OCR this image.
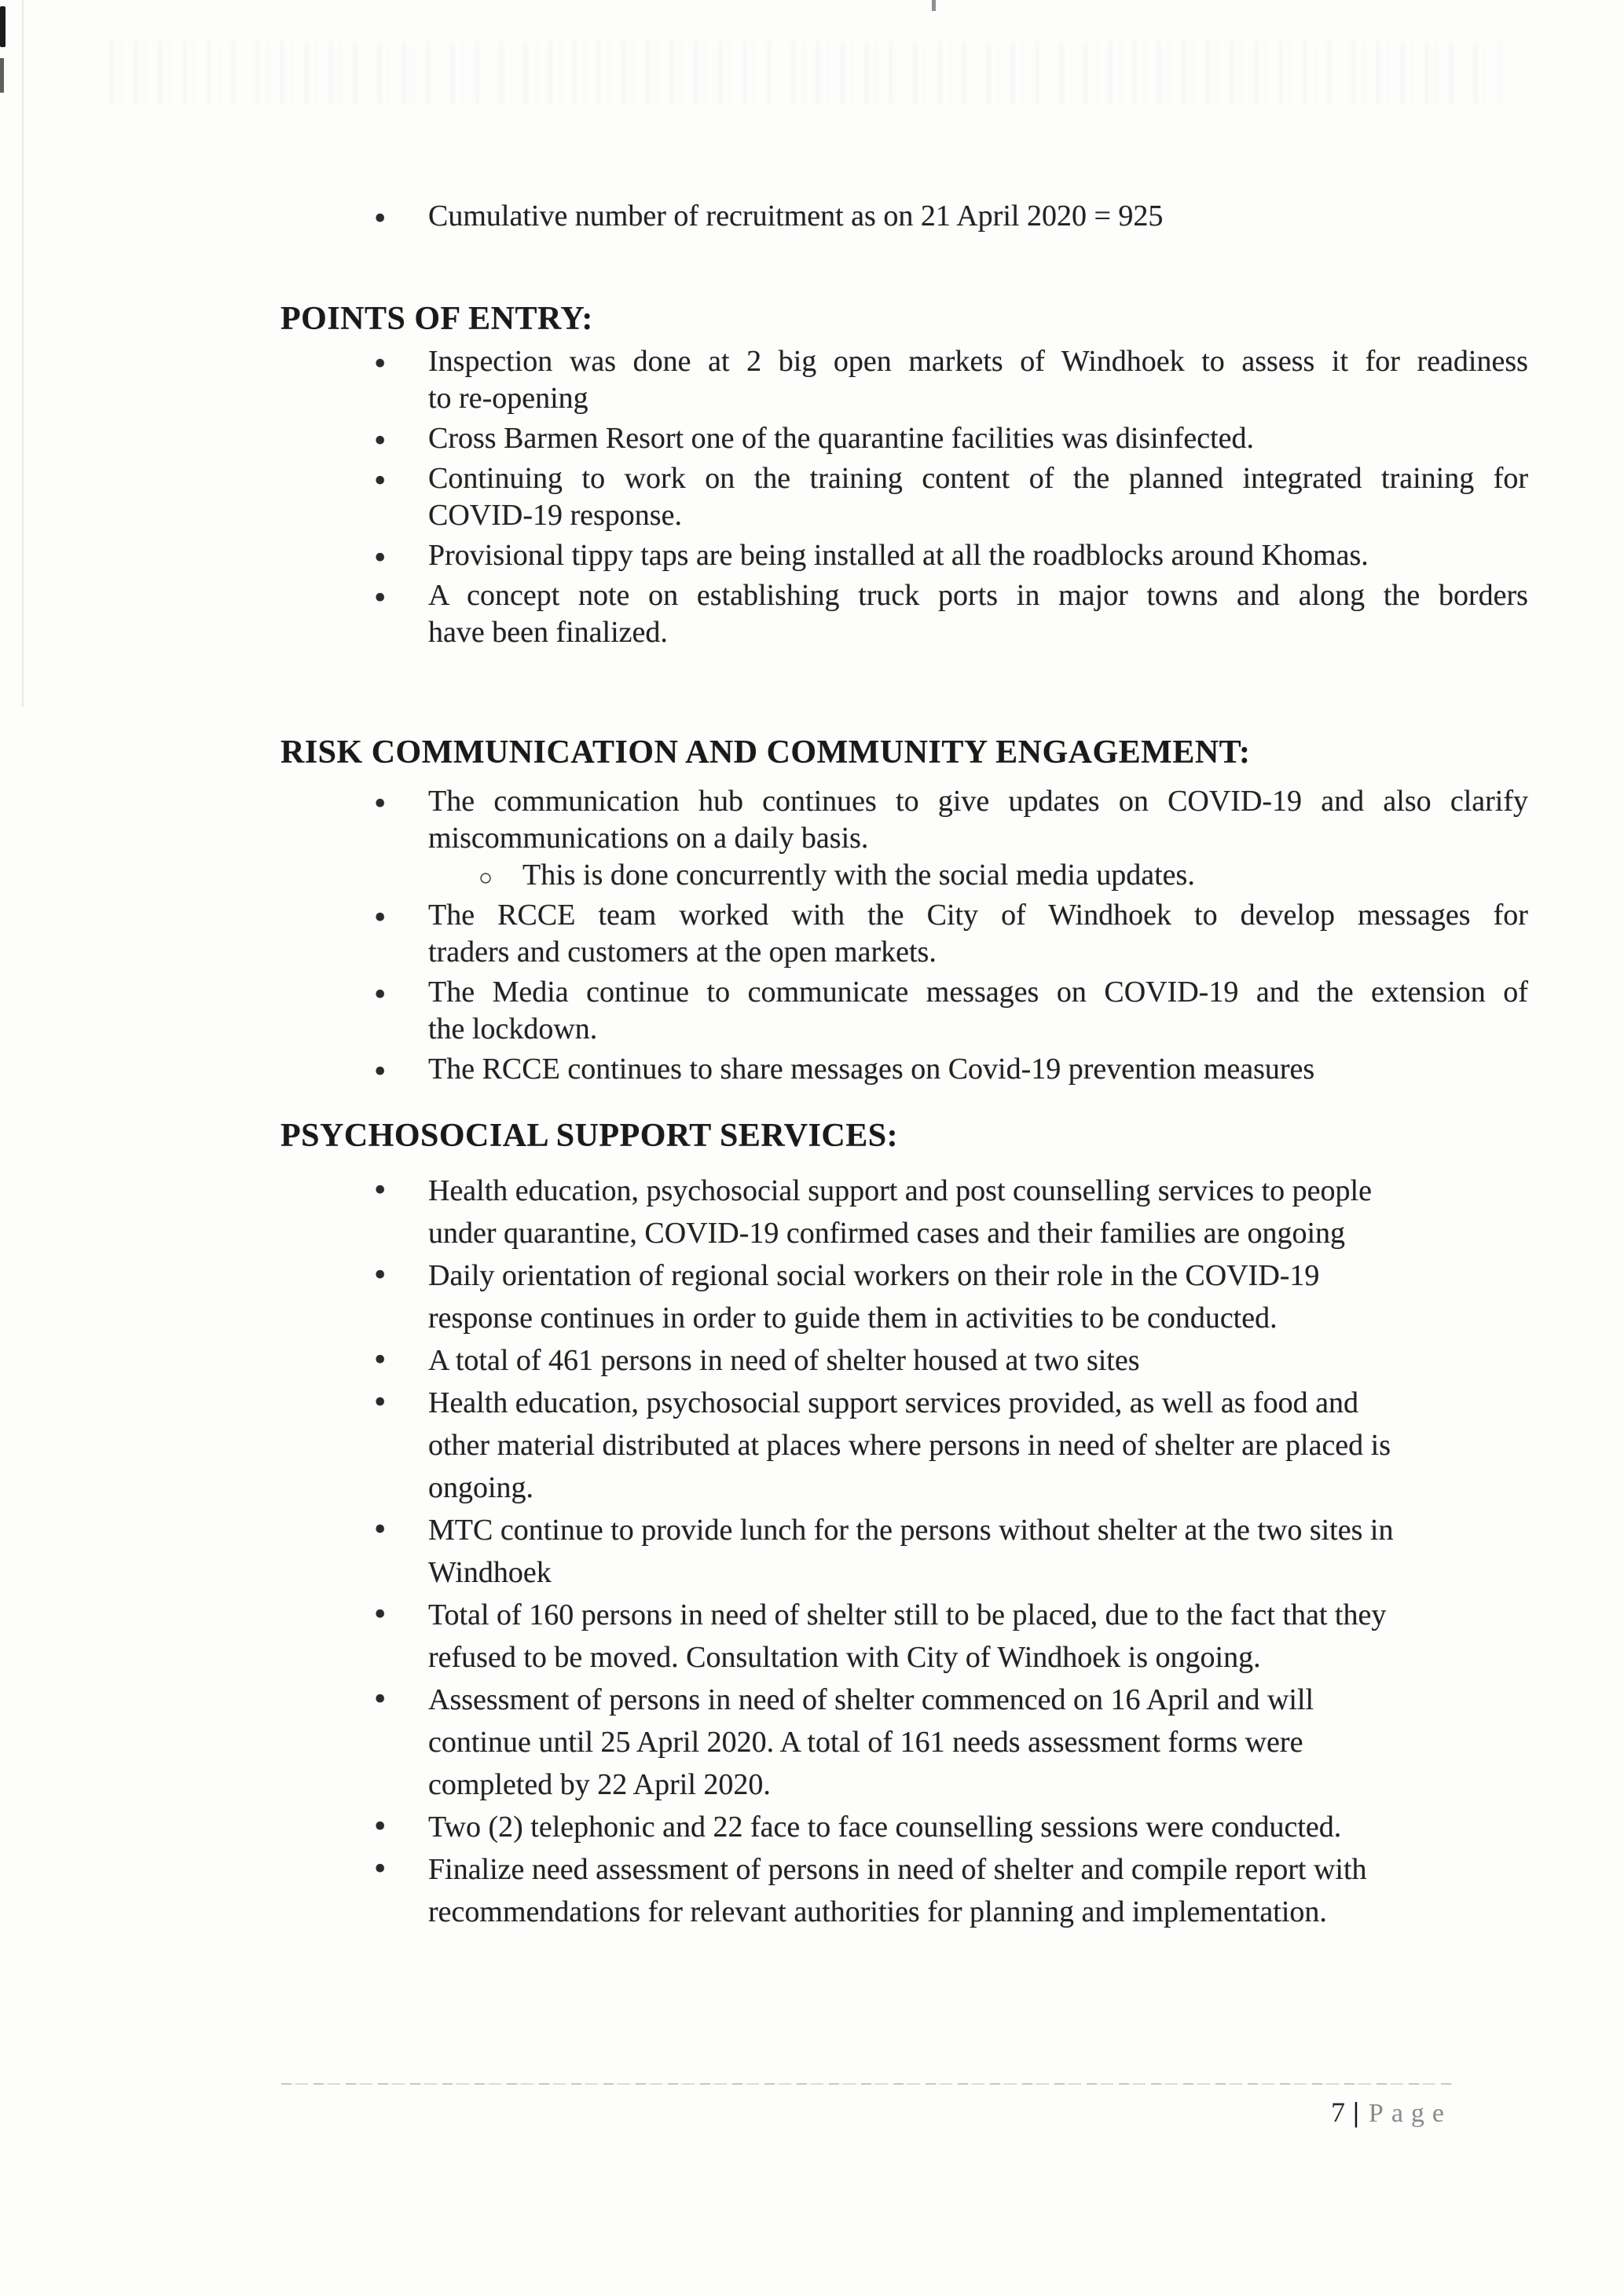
•
Cumulative number of recruitment as on 21 April 2020 = 925
POINTS OF ENTRY:
•
Inspection was done at 2 big open markets of Windhoek to assess it for readiness
to re-opening
•
Cross Barmen Resort one of the quarantine facilities was disinfected.
•
Continuing to work on the training content of the planned integrated training for
COVID-19 response.
•
Provisional tippy taps are being installed at all the roadblocks around Khomas.
•
A concept note on establishing truck ports in major towns and along the borders
have been finalized.
RISK COMMUNICATION AND COMMUNITY ENGAGEMENT:
•
The communication hub continues to give updates on COVID-19 and also clarify
miscommunications on a daily basis.
○
This is done concurrently with the social media updates.
•
The RCCE team worked with the City of Windhoek to develop messages for
traders and customers at the open markets.
•
The Media continue to communicate messages on COVID-19 and the extension of
the lockdown.
•
The RCCE continues to share messages on Covid-19 prevention measures
PSYCHOSOCIAL SUPPORT SERVICES:
•
Health education, psychosocial support and post counselling services to people
under quarantine, COVID-19 confirmed cases and their families are ongoing
•
Daily orientation of regional social workers on their role in the COVID-19
response continues in order to guide them in activities to be conducted.
•
A total of 461 persons in need of shelter housed at two sites
•
Health education, psychosocial support services provided, as well as food and
other material distributed at places where persons in need of shelter are placed is
ongoing.
•
MTC continue to provide lunch for the persons without shelter at the two sites in
Windhoek
•
Total of 160 persons in need of shelter still to be placed, due to the fact that they
refused to be moved. Consultation with City of Windhoek is ongoing.
•
Assessment of persons in need of shelter commenced on 16 April and will
continue until 25 April 2020. A total of 161 needs assessment forms were
completed by 22 April 2020.
•
Two (2) telephonic and 22 face to face counselling sessions were conducted.
•
Finalize need assessment of persons in need of shelter and compile report with
recommendations for relevant authorities for planning and implementation.
7 | Page
